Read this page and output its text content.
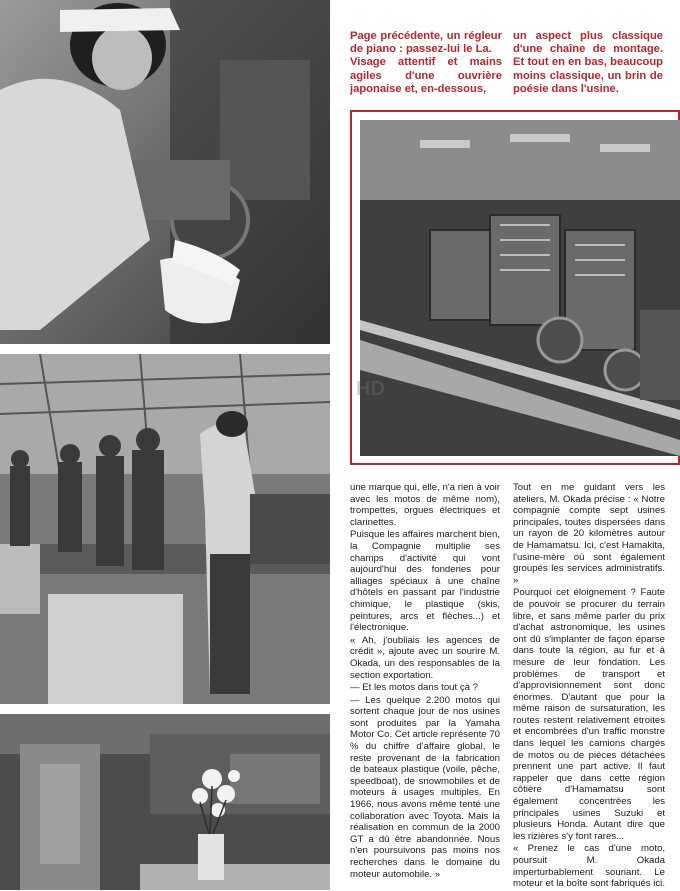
HD

Page précédente, un régleur de piano : passez-lui le La.

Visage attentif et mains agiles d'une ouvrière japonaise et, en-dessous,

un aspect plus classique d'une chaîne de montage. Et tout en en bas, beaucoup moins classique, un brin de poésie dans l'usine.

une marque qui, elle, n'a rien à voir avec les motos de même nom), trompettes, orgues électriques et clarinettes.

Puisque les affaires marchent bien, la Compagnie multiplie ses champs d'activité qui vont aujourd'hui des fonderies pour alliages spéciaux à une chaîne d'hôtels en passant par l'industrie chimique, le plastique (skis, peintures, arcs et flèches...) et l'électronique.

« Ah, j'oubliais les agences de crédit », ajoute avec un sourire M. Okada, un des responsables de la section exportation.

— Et les motos dans tout çà ?

— Les quelque 2.200 motos qui sortent chaque jour de nos usines sont produites par la Yamaha Motor Co. Cet article représente 70 % du chiffre d'affaire global, le reste provenant de la fabrication de bateaux plastique (voile, pêche, speedboat), de snowmobiles et de moteurs à usages multiples. En 1966, nous avons même tenté une collaboration avec Toyota. Mais la réalisation en commun de la 2000 GT a dû être abandonnée. Nous n'en poursuivons pas moins nos recherches dans le domaine du moteur automobile. »

Tout en me guidant vers les ateliers, M. Okada précise : « Notre compagnie compte sept usines principales, toutes dispersées dans un rayon de 20 kilomètres autour de Hamamatsu. Ici, c'est Hamakita, l'usine-mère où sont également groupés les services administratifs. »

Pourquoi cet éloignement ? Faute de pouvoir se procurer du terrain libre, et sans même parler du prix d'achat astronomique, les usines ont dû s'implanter de façon éparse dans toute la région, au fur et à mesure de leur fondation. Les problèmes de transport et d'approvisionnement sont donc énormes. D'autant que pour la même raison de sursaturation, les routes restent relativement étroites et encombrées d'un traffic monstre dans lequel les camions chargés de motos ou de pièces détachées prennent une part active. Il faut rappeler que dans cette région côtière d'Hamamatsu sont également concentrées les principales usines Suzuki et plusieurs Honda. Autant dire que les rizières s'y font rares...

« Prenez le cas d'une moto, poursuit M. Okada imperturbablement souriant. Le moteur et la boîte sont fabriqués ici.
